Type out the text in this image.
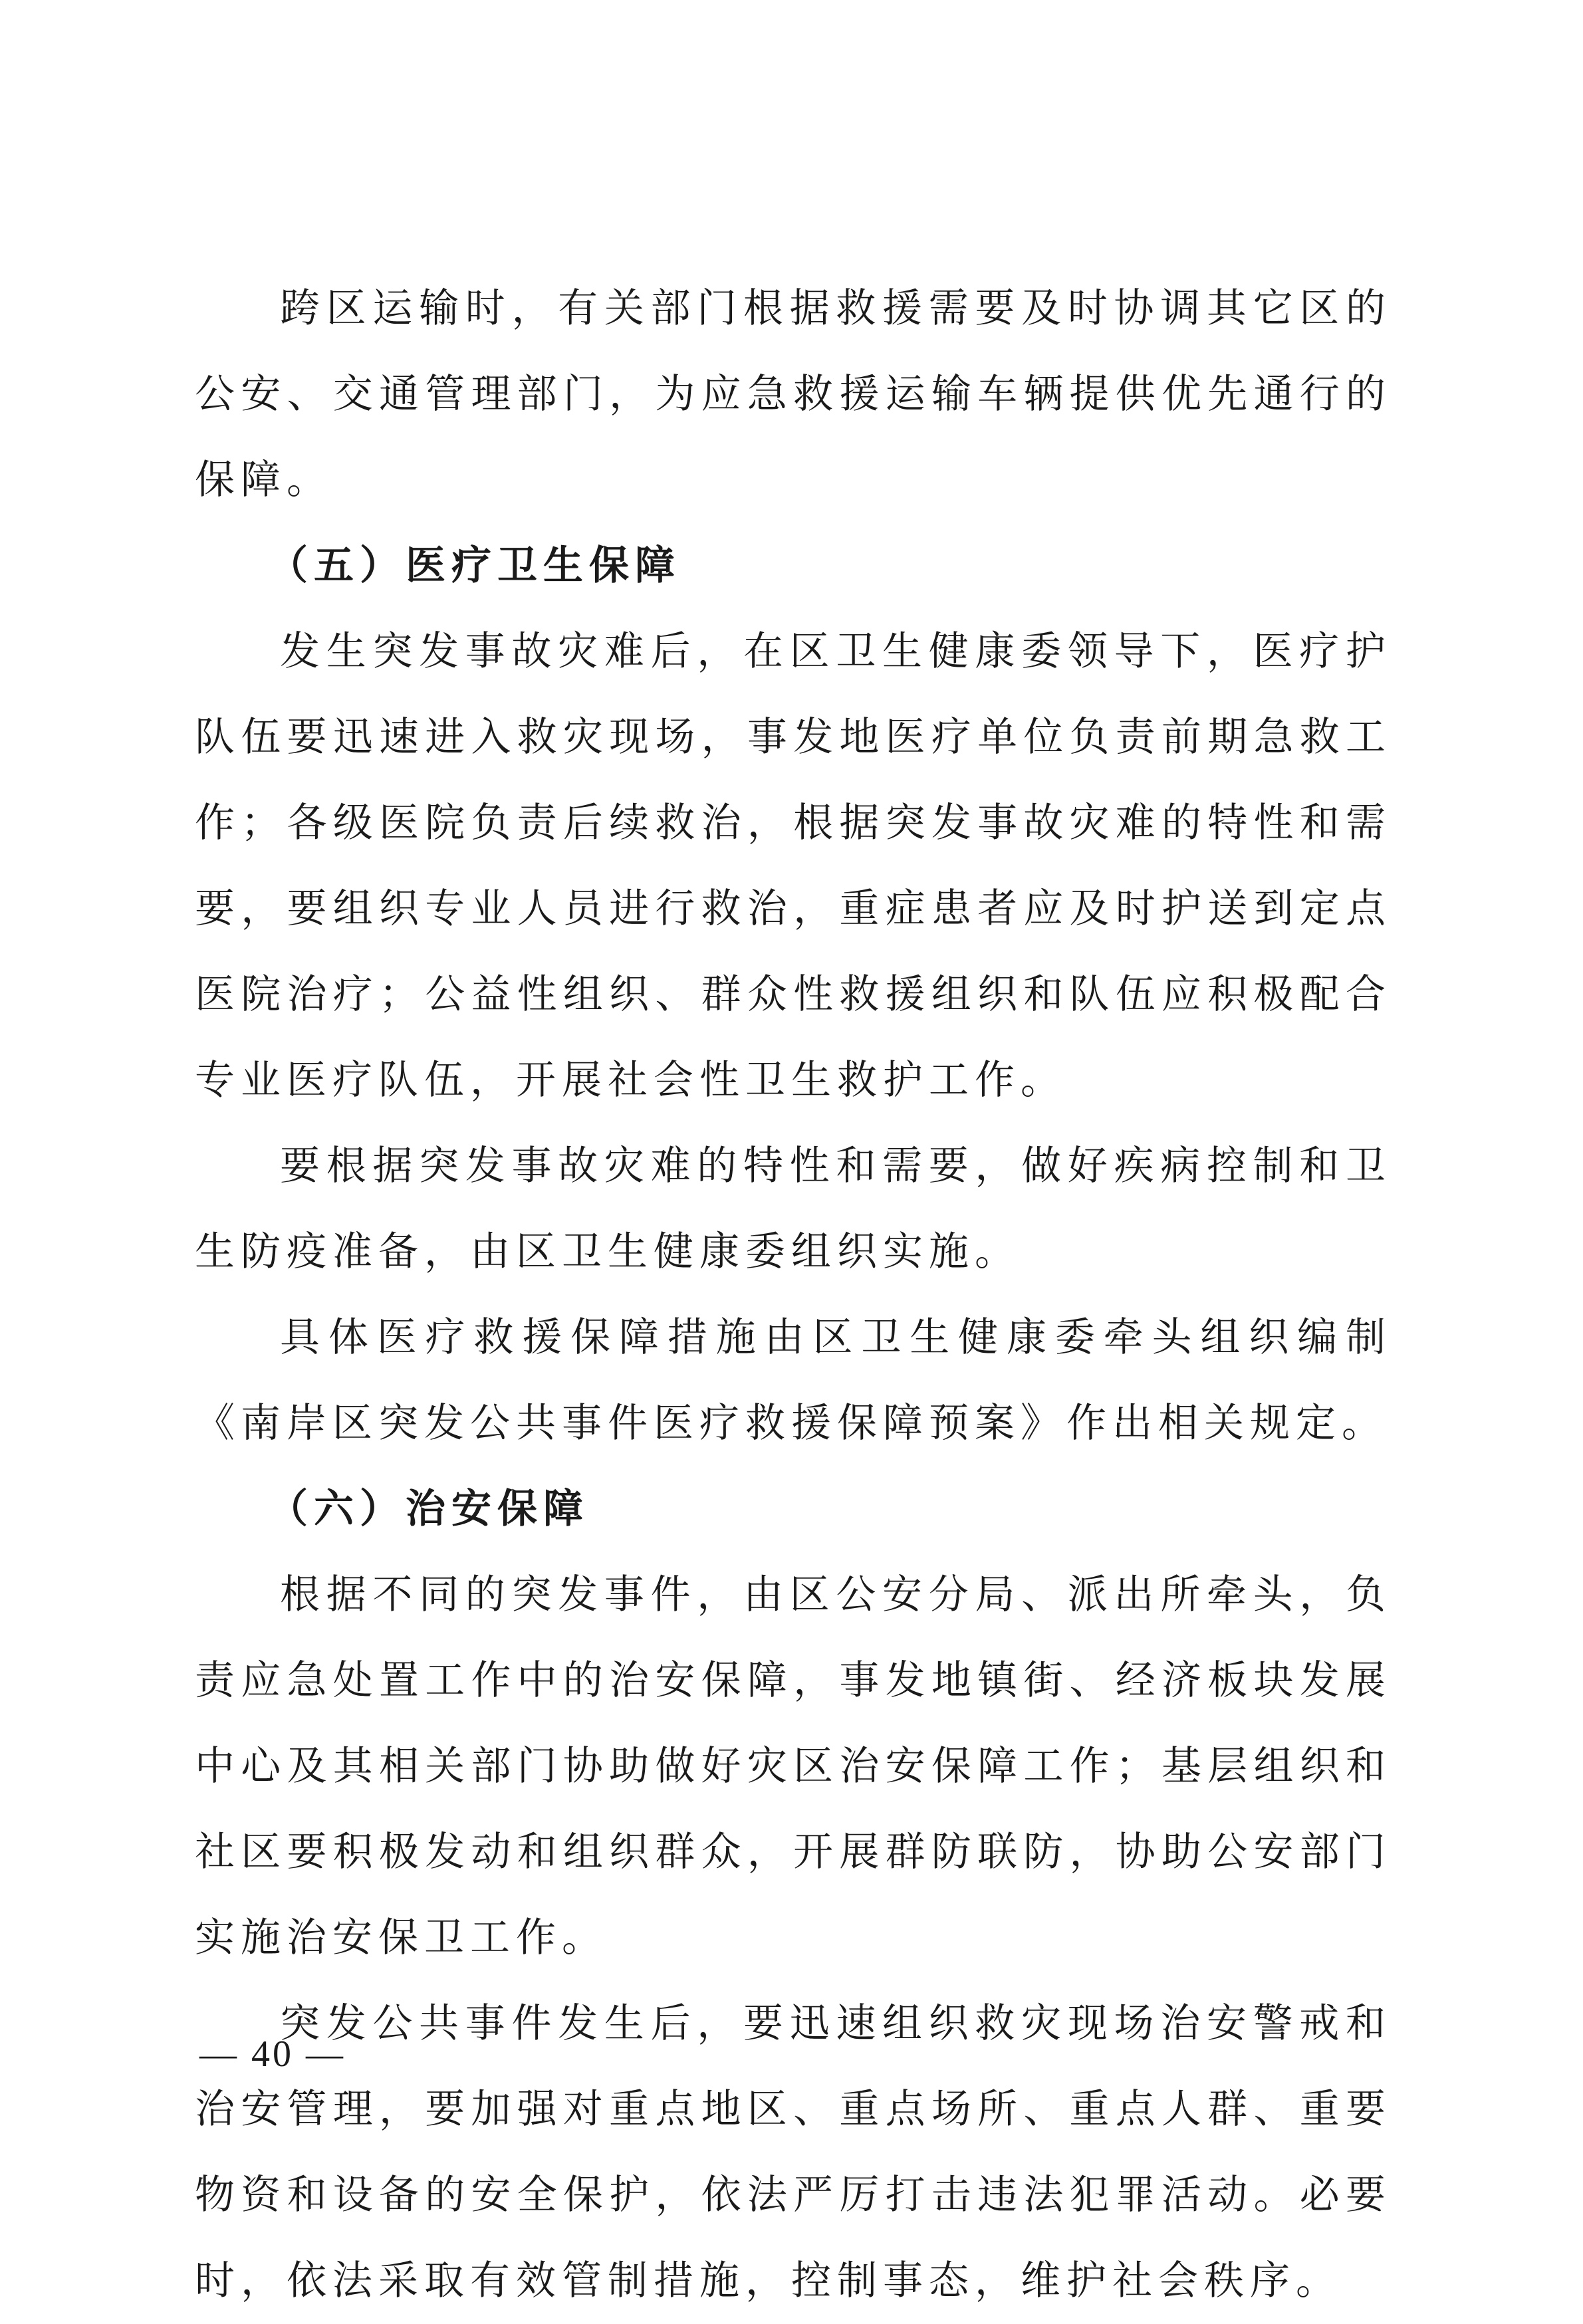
跨区运输时，有关部门根据救援需要及时协调其它区的公安、交通管理部门，为应急救援运输车辆提供优先通行的保障。

（五）医疗卫生保障

发生突发事故灾难后，在区卫生健康委领导下，医疗护队伍要迅速进入救灾现场，事发地医疗单位负责前期急救工作；各级医院负责后续救治，根据突发事故灾难的特性和需要，要组织专业人员进行救治，重症患者应及时护送到定点医院治疗；公益性组织、群众性救援组织和队伍应积极配合专业医疗队伍，开展社会性卫生救护工作。

要根据突发事故灾难的特性和需要，做好疾病控制和卫生防疫准备，由区卫生健康委组织实施。

具体医疗救援保障措施由区卫生健康委牵头组织编制《南岸区突发公共事件医疗救援保障预案》作出相关规定。

（六）治安保障

根据不同的突发事件，由区公安分局、派出所牵头，负责应急处置工作中的治安保障，事发地镇街、经济板块发展中心及其相关部门协助做好灾区治安保障工作；基层组织和社区要积极发动和组织群众，开展群防联防，协助公安部门实施治安保卫工作。

突发公共事件发生后，要迅速组织救灾现场治安警戒和治安管理，要加强对重点地区、重点场所、重点人群、重要物资和设备的安全保护，依法严厉打击违法犯罪活动。必要时，依法采取有效管制措施，控制事态，维护社会秩序。

— 40 —
